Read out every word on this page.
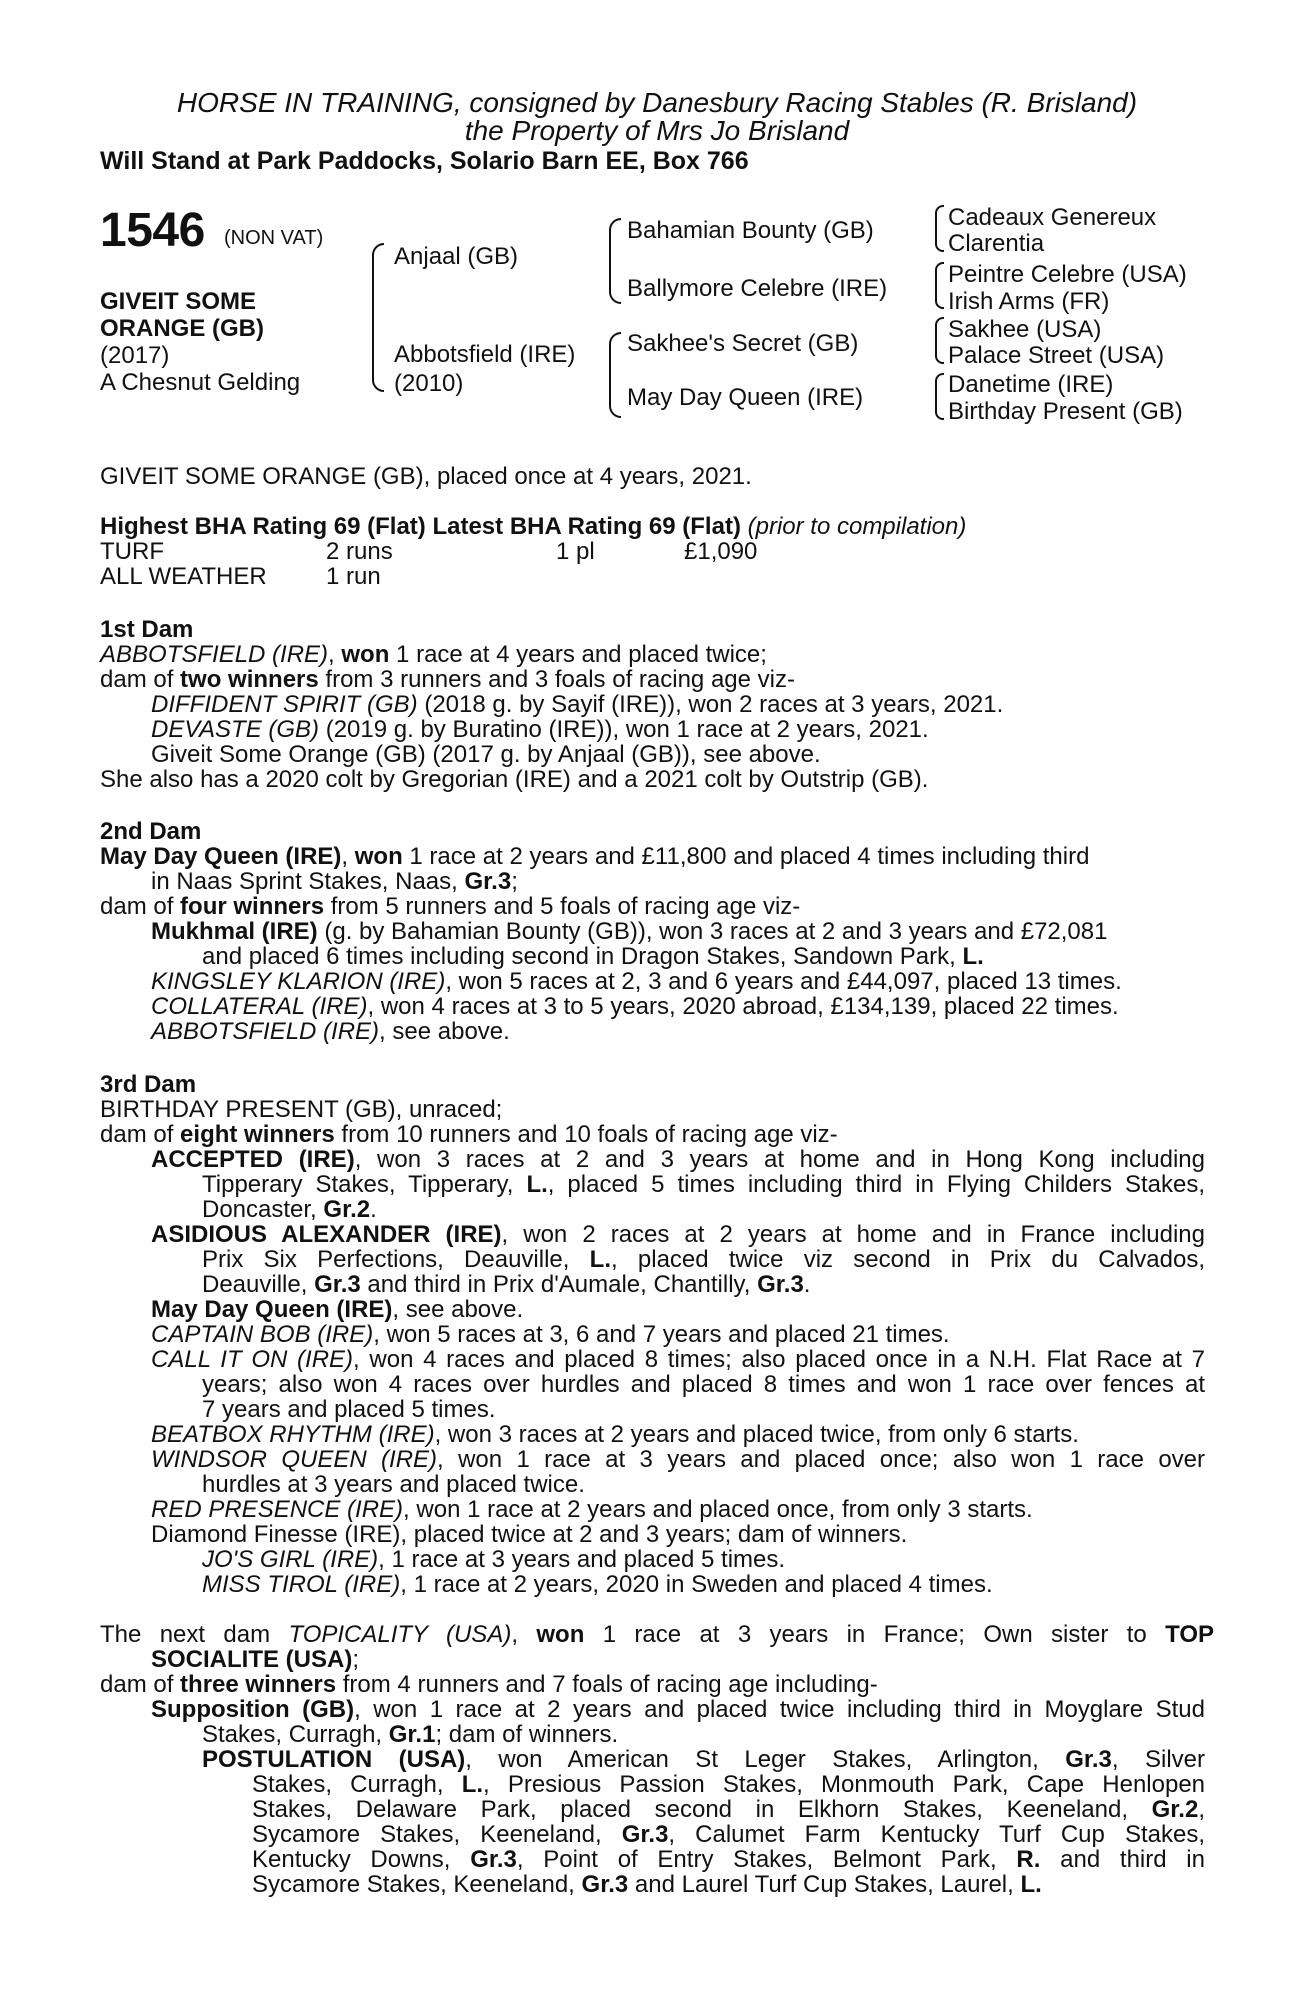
HORSE IN TRAINING, consigned by Danesbury Racing Stables (R. Brisland)
the Property of Mrs Jo Brisland
Will Stand at Park Paddocks, Solario Barn EE, Box 766
1546 (NON VAT)
GIVEIT SOME
ORANGE (GB)
(2017)
A Chesnut Gelding
Anjaal (GB)
Abbotsfield (IRE)
(2010)
Bahamian Bounty (GB)
Ballymore Celebre (IRE)
Sakhee's Secret (GB)
May Day Queen (IRE)
Cadeaux Genereux
Clarentia
Peintre Celebre (USA)
Irish Arms (FR)
Sakhee (USA)
Palace Street (USA)
Danetime (IRE)
Birthday Present (GB)
GIVEIT SOME ORANGE (GB), placed once at 4 years, 2021.
Highest BHA Rating 69 (Flat) Latest BHA Rating 69 (Flat) (prior to compilation)
TURF	2 runs	1 pl	£1,090
ALL WEATHER 1 run
1st Dam
ABBOTSFIELD (IRE), won 1 race at 4 years and placed twice;
dam of two winners from 3 runners and 3 foals of racing age viz-
DIFFIDENT SPIRIT (GB) (2018 g. by Sayif (IRE)), won 2 races at 3 years, 2021.
DEVASTE (GB) (2019 g. by Buratino (IRE)), won 1 race at 2 years, 2021.
Giveit Some Orange (GB) (2017 g. by Anjaal (GB)), see above.
She also has a 2020 colt by Gregorian (IRE) and a 2021 colt by Outstrip (GB).
2nd Dam
May Day Queen (IRE), won 1 race at 2 years and £11,800 and placed 4 times including third
in Naas Sprint Stakes, Naas, Gr.3;
dam of four winners from 5 runners and 5 foals of racing age viz-
Mukhmal (IRE) (g. by Bahamian Bounty (GB)), won 3 races at 2 and 3 years and £72,081
and placed 6 times including second in Dragon Stakes, Sandown Park, L.
KINGSLEY KLARION (IRE), won 5 races at 2, 3 and 6 years and £44,097, placed 13 times.
COLLATERAL (IRE), won 4 races at 3 to 5 years, 2020 abroad, £134,139, placed 22 times.
ABBOTSFIELD (IRE), see above.
3rd Dam
BIRTHDAY PRESENT (GB), unraced;
dam of eight winners from 10 runners and 10 foals of racing age viz-
ACCEPTED (IRE), won 3 races at 2 and 3 years at home and in Hong Kong including
Tipperary Stakes, Tipperary, L., placed 5 times including third in Flying Childers Stakes,
Doncaster, Gr.2.
ASIDIOUS ALEXANDER (IRE), won 2 races at 2 years at home and in France including
Prix Six Perfections, Deauville, L., placed twice viz second in Prix du Calvados,
Deauville, Gr.3 and third in Prix d'Aumale, Chantilly, Gr.3.
May Day Queen (IRE), see above.
CAPTAIN BOB (IRE), won 5 races at 3, 6 and 7 years and placed 21 times.
CALL IT ON (IRE), won 4 races and placed 8 times; also placed once in a N.H. Flat Race at 7
years; also won 4 races over hurdles and placed 8 times and won 1 race over fences at
7 years and placed 5 times.
BEATBOX RHYTHM (IRE), won 3 races at 2 years and placed twice, from only 6 starts.
WINDSOR QUEEN (IRE), won 1 race at 3 years and placed once; also won 1 race over
hurdles at 3 years and placed twice.
RED PRESENCE (IRE), won 1 race at 2 years and placed once, from only 3 starts.
Diamond Finesse (IRE), placed twice at 2 and 3 years; dam of winners.
JO'S GIRL (IRE), 1 race at 3 years and placed 5 times.
MISS TIROL (IRE), 1 race at 2 years, 2020 in Sweden and placed 4 times.
The next dam TOPICALITY (USA), won 1 race at 3 years in France; Own sister to TOP
SOCIALITE (USA);
dam of three winners from 4 runners and 7 foals of racing age including-
Supposition (GB), won 1 race at 2 years and placed twice including third in Moyglare Stud
Stakes, Curragh, Gr.1; dam of winners.
POSTULATION (USA), won American St Leger Stakes, Arlington, Gr.3, Silver
Stakes, Curragh, L., Presious Passion Stakes, Monmouth Park, Cape Henlopen
Stakes, Delaware Park, placed second in Elkhorn Stakes, Keeneland, Gr.2,
Sycamore Stakes, Keeneland, Gr.3, Calumet Farm Kentucky Turf Cup Stakes,
Kentucky Downs, Gr.3, Point of Entry Stakes, Belmont Park, R. and third in
Sycamore Stakes, Keeneland, Gr.3 and Laurel Turf Cup Stakes, Laurel, L.
